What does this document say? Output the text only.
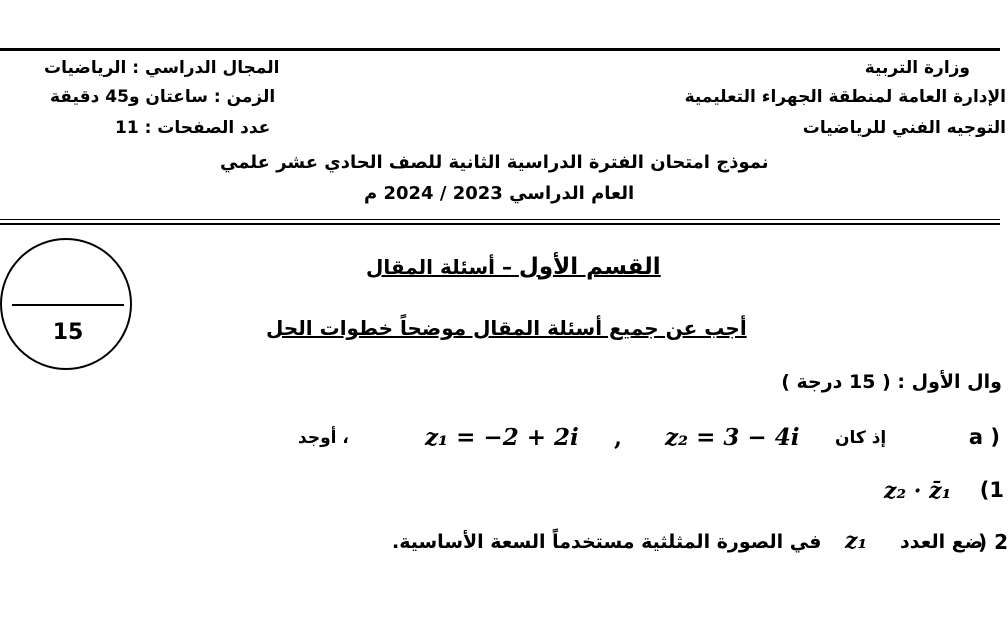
وزارة التربية
الإدارة العامة لمنطقة الجهراء التعليمية
التوجيه الفني للرياضيات
المجال الدراسي : الرياضيات
الزمن : ساعتان و45 دقيقة
عدد الصفحات : 11
نموذج امتحان الفترة الدراسية الثانية للصف الحادي عشر علمي
العام الدراسي 2023 / 2024 م
15
القسم الأول – أسئلة المقال
أجب عن جميع أسئلة المقال موضحاً خطوات الحل
وال الأول : ( 15 درجة )
a )
إذ كان
z₂ = 3 − 4i
,
z₁ = −2 + 2i
، أوجد
z₂ · z̄₁ (1
) 2
ضع العدد
z₁
في الصورة المثلثية مستخدماً السعة الأساسية.
